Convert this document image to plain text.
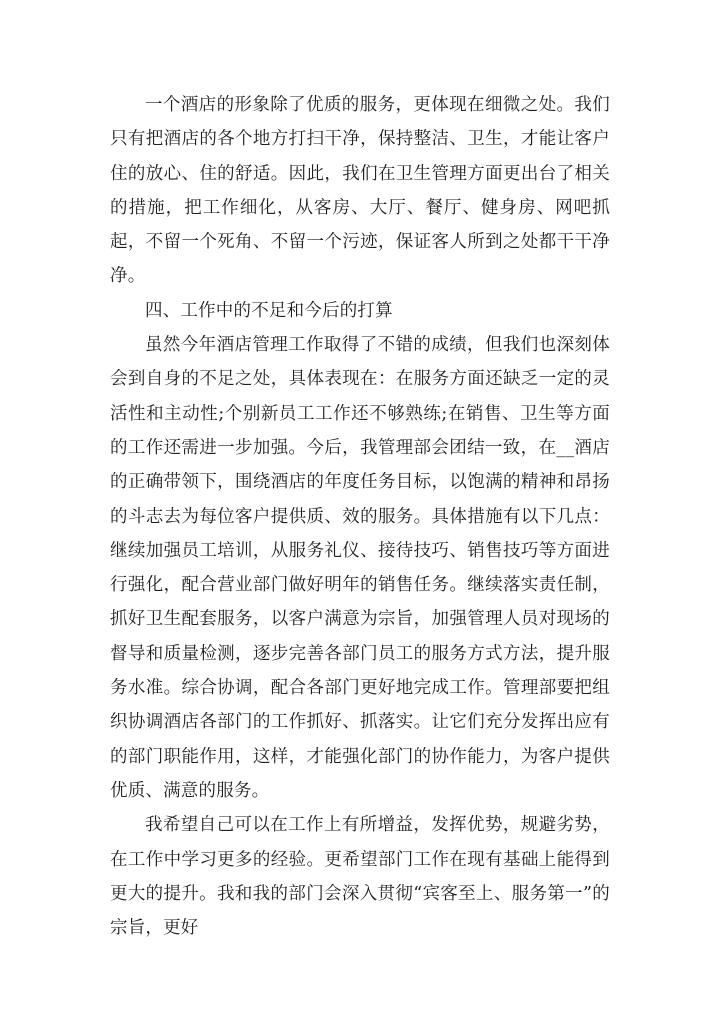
一个酒店的形象除了优质的服务，更体现在细微之处。我们只有把酒店的各个地方打扫干净，保持整洁、卫生，才能让客户住的放心、住的舒适。因此，我们在卫生管理方面更出台了相关的措施，把工作细化，从客房、大厅、餐厅、健身房、网吧抓起，不留一个死角、不留一个污迹，保证客人所到之处都干干净净。

四、工作中的不足和今后的打算

虽然今年酒店管理工作取得了不错的成绩，但我们也深刻体会到自身的不足之处，具体表现在：在服务方面还缺乏一定的灵活性和主动性;个别新员工工作还不够熟练;在销售、卫生等方面的工作还需进一步加强。今后，我管理部会团结一致，在__酒店的正确带领下，围绕酒店的年度任务目标，以饱满的精神和昂扬的斗志去为每位客户提供质、效的服务。具体措施有以下几点：继续加强员工培训，从服务礼仪、接待技巧、销售技巧等方面进行强化，配合营业部门做好明年的销售任务。继续落实责任制，抓好卫生配套服务，以客户满意为宗旨，加强管理人员对现场的督导和质量检测，逐步完善各部门员工的服务方式方法，提升服务水准。综合协调，配合各部门更好地完成工作。管理部要把组织协调酒店各部门的工作抓好、抓落实。让它们充分发挥出应有的部门职能作用，这样，才能强化部门的协作能力，为客户提供优质、满意的服务。

我希望自己可以在工作上有所增益，发挥优势，规避劣势，在工作中学习更多的经验。更希望部门工作在现有基础上能得到更大的提升。我和我的部门会深入贯彻“宾客至上、服务第一”的宗旨，更好
